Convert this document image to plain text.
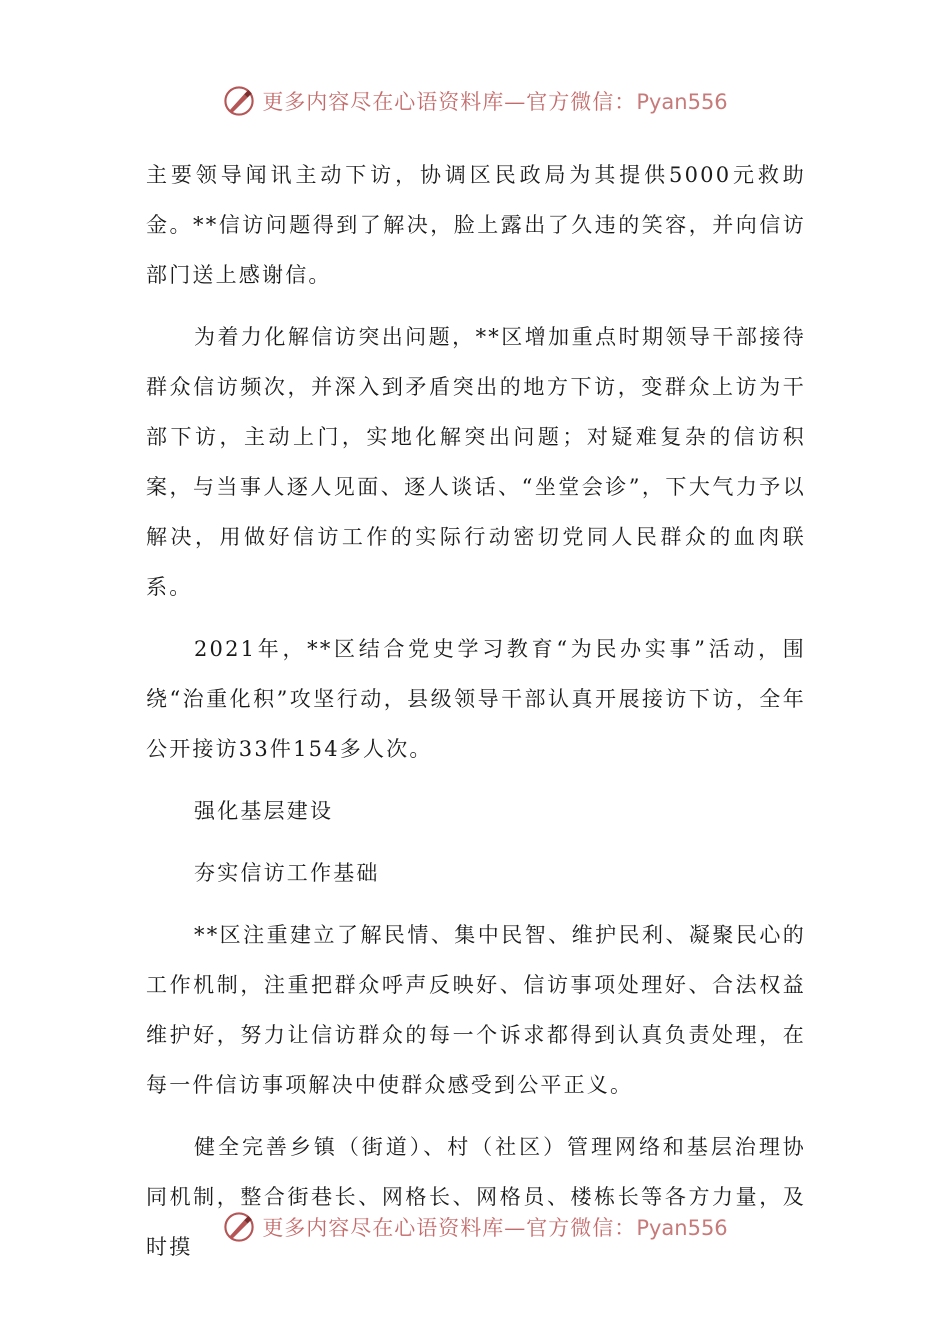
更多内容尽在心语资料库—官方微信：Pyan556

主要领导闻讯主动下访，协调区民政局为其提供5000元救助金。**信访问题得到了解决，脸上露出了久违的笑容，并向信访部门送上感谢信。

为着力化解信访突出问题，**区增加重点时期领导干部接待群众信访频次，并深入到矛盾突出的地方下访，变群众上访为干部下访，主动上门，实地化解突出问题；对疑难复杂的信访积案，与当事人逐人见面、逐人谈话、“坐堂会诊”，下大气力予以解决，用做好信访工作的实际行动密切党同人民群众的血肉联系。

2021年，**区结合党史学习教育“为民办实事”活动，围绕“治重化积”攻坚行动，县级领导干部认真开展接访下访，全年公开接访33件154多人次。

强化基层建设

夯实信访工作基础

**区注重建立了解民情、集中民智、维护民利、凝聚民心的工作机制，注重把群众呼声反映好、信访事项处理好、合法权益维护好，努力让信访群众的每一个诉求都得到认真负责处理，在每一件信访事项解决中使群众感受到公平正义。

健全完善乡镇（街道）、村（社区）管理网络和基层治理协同机制，整合街巷长、网格长、网格员、楼栋长等各方力量，及时摸

更多内容尽在心语资料库—官方微信：Pyan556
